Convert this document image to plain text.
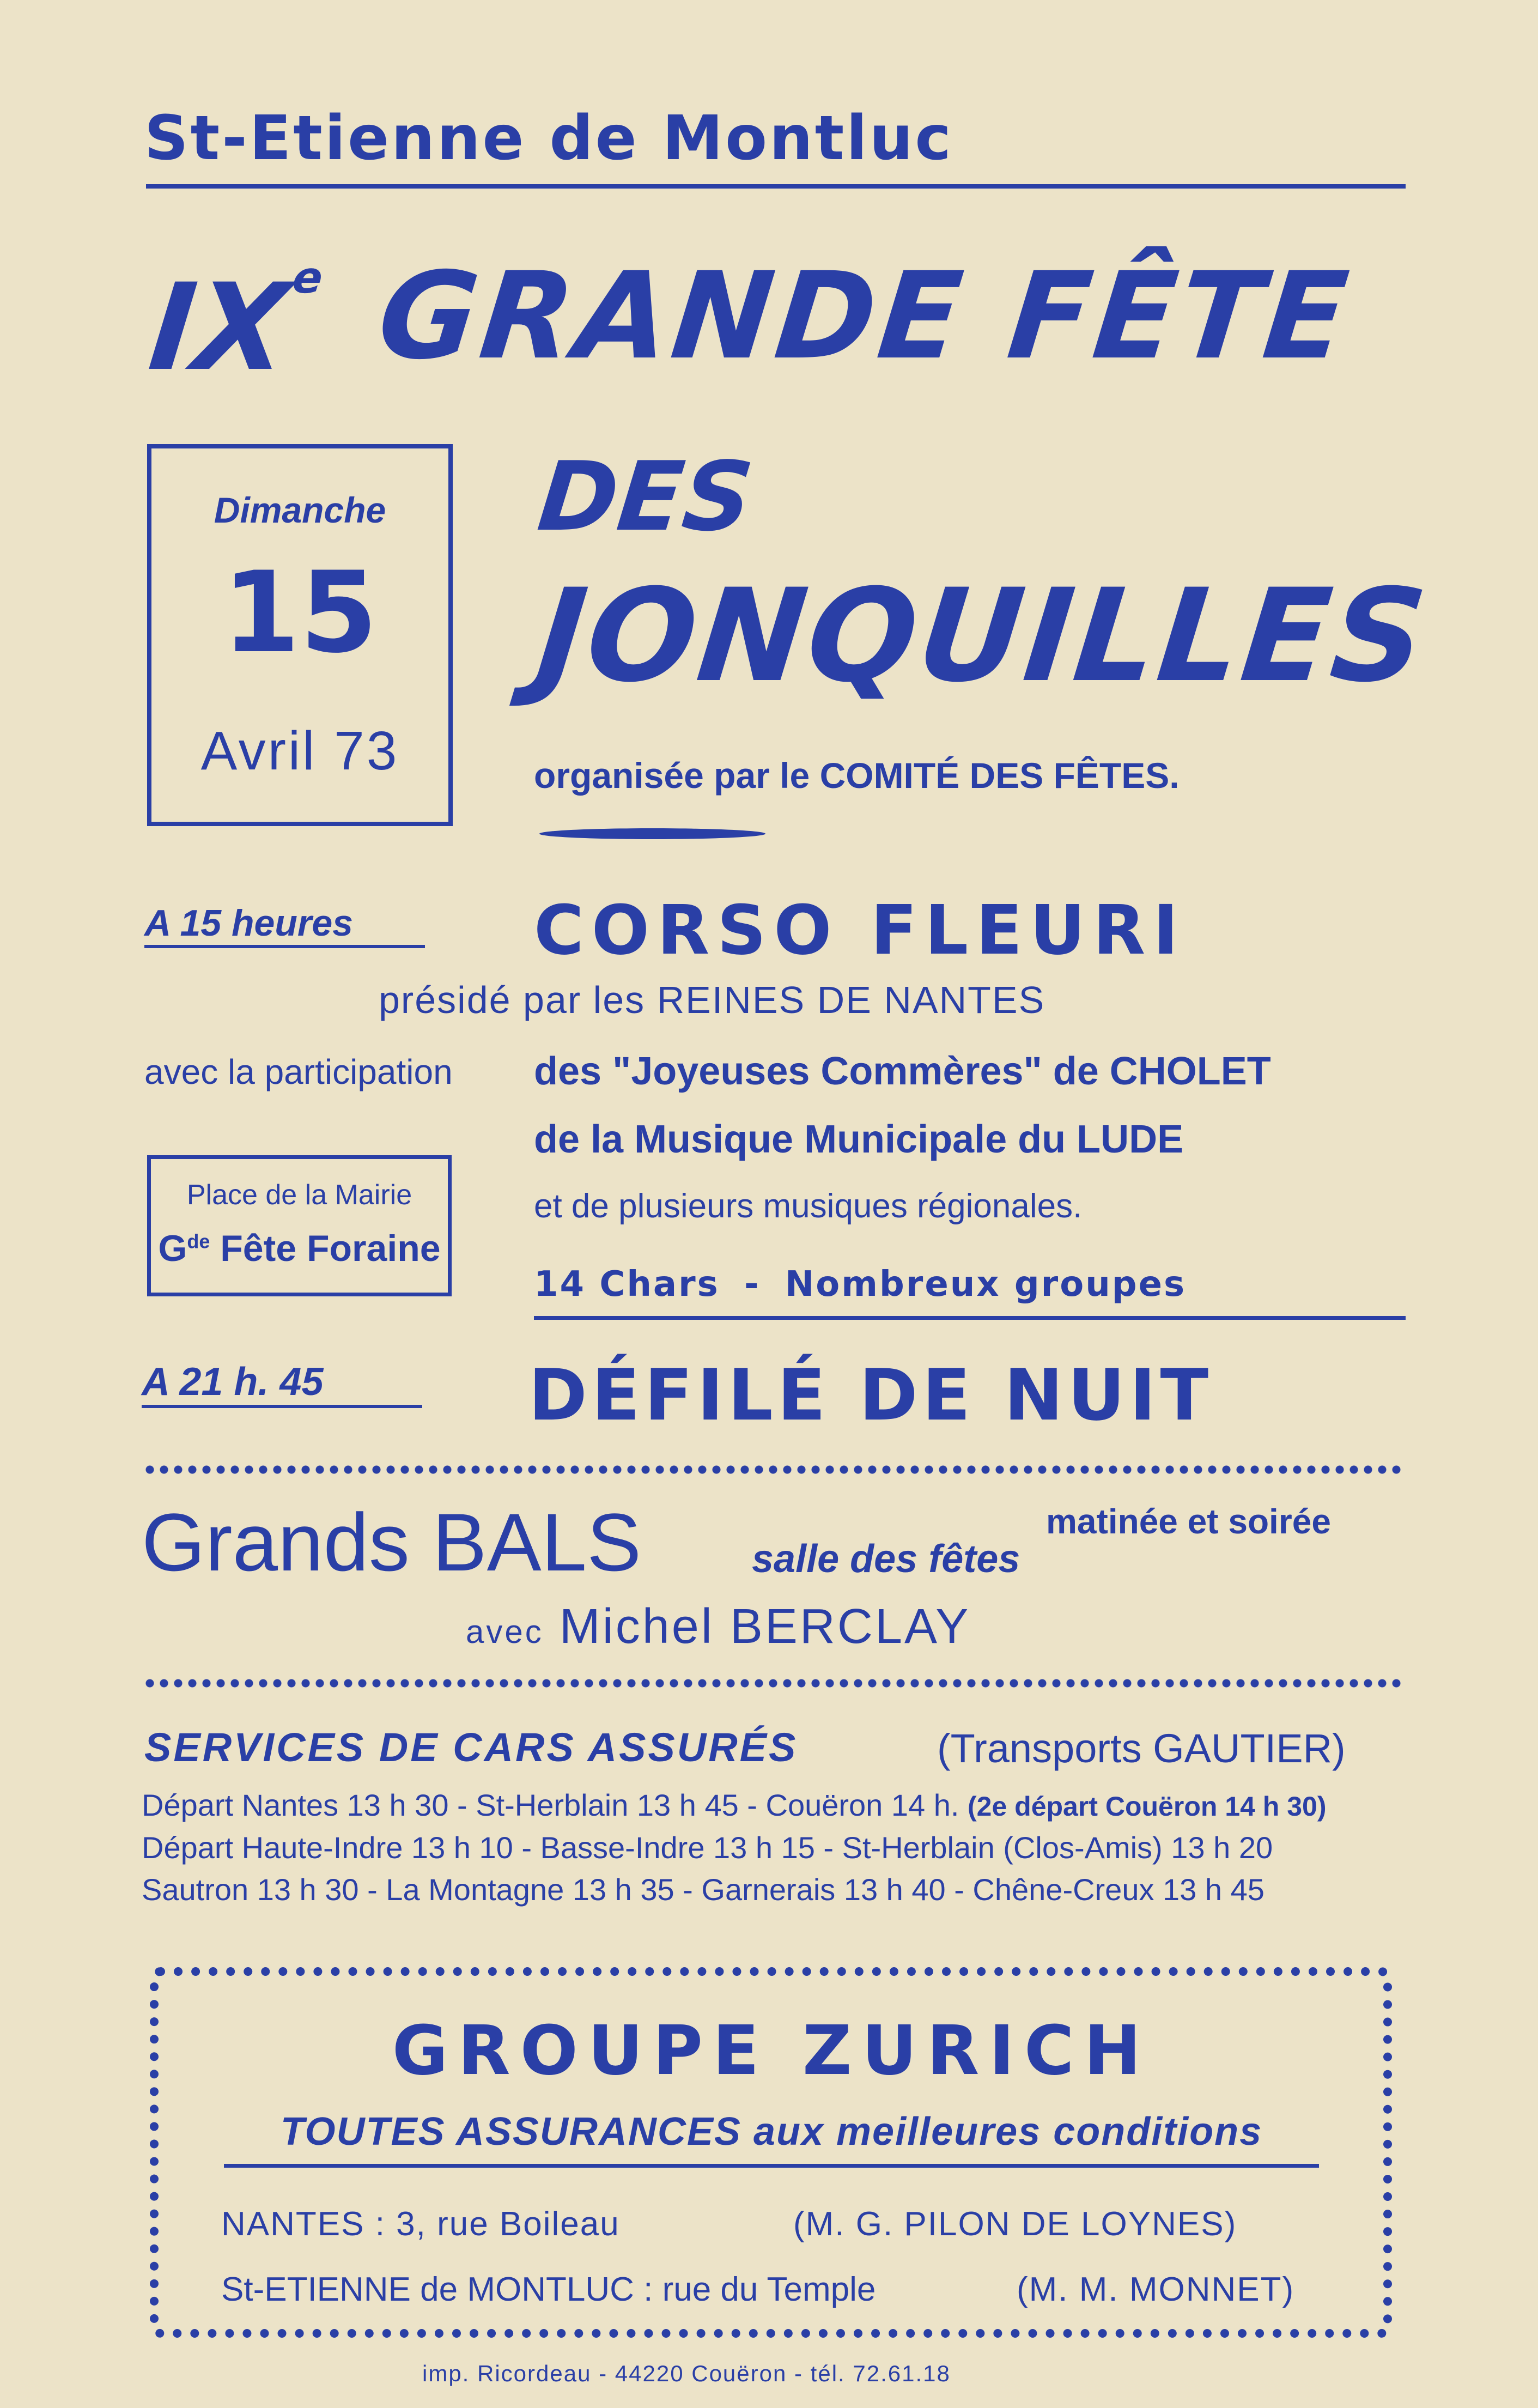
St-Etienne de Montluc
IXe GRANDE FÊTE
Dimanche
15
Avril 73
DES
JONQUILLES
organisée par le COMITÉ DES FÊTES.
A 15 heures	CORSO FLEURI
présidé par les REINES DE NANTES
avec la participation des "Joyeuses Commères" de CHOLET
de la Musique Municipale du LUDE
et de plusieurs musiques régionales.
Place de la Mairie
$G^{de}$ Fête Foraine
14 Chars - Nombreux groupes
A 21 h. 45	DÉFILÉ DE NUIT
Grands BALS	matinée et soirée
salle des fêtes
avec Michel BERCLAY
SERVICES DE CARS ASSURÉS	(Transports GAUTIER)
Départ Nantes 13 h 30 - St-Herblain 13 h 45 - Couëron 14 h. (2e départ Couëron 14 h 30)
Départ Haute-Indre 13 h 10 - Basse-Indre 13 h 15 - St-Herblain (Clos-Amis) 13 h 20
Sautron 13 h 30 - La Montagne 13 h 35 - Garnerais 13 h 40 - Chêne-Creux 13 h 45
GROUPE ZURICH
TOUTES ASSURANCES aux meilleures conditions
NANTES : 3, rue Boileau	(M. G. PILON DE LOYNES)
St-ETIENNE de MONTLUC : rue du Temple	(M. M. MONNET)
imp. Ricordeau - 44220 Couëron - tél. 72.61.18
